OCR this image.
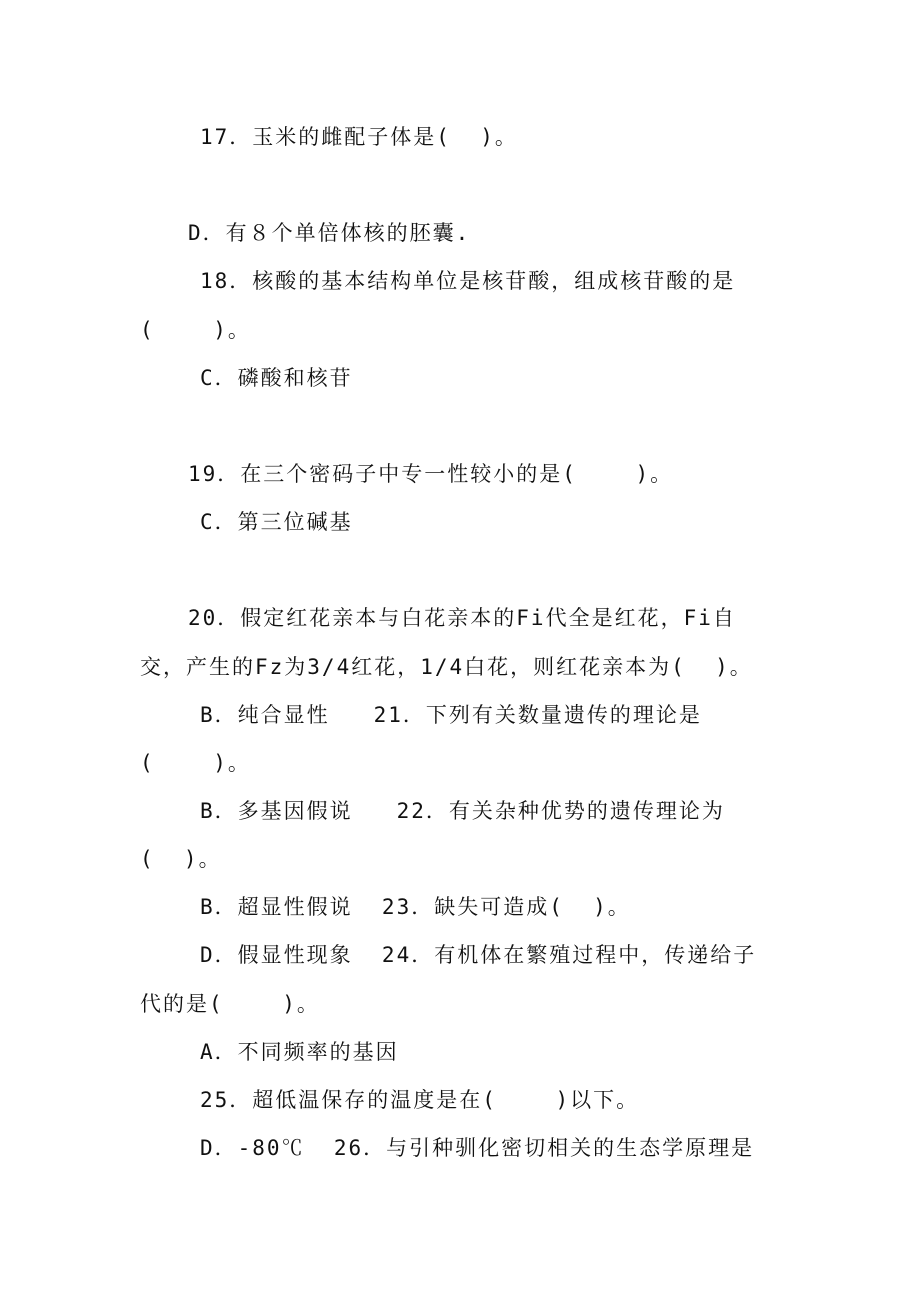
17．玉米的雌配子体是(  )。
D．有８个单倍体核的胚囊.
18．核酸的基本结构单位是核苷酸，组成核苷酸的是
(    )。
C．磷酸和核苷
19．在三个密码子中专一性较小的是(    )。
C．第三位碱基
20．假定红花亲本与白花亲本的Fi代全是红花，Fi自
交，产生的Fz为3/4红花，1/4白花，则红花亲本为(  )。
B．纯合显性   21．下列有关数量遗传的理论是
(    )。
B．多基因假说   22．有关杂种优势的遗传理论为
(  )。
B．超显性假说  23．缺失可造成(  )。
D．假显性现象  24．有机体在繁殖过程中，传递给子
代的是(    )。
A．不同频率的基因
25．超低温保存的温度是在(    )以下。
D．-80℃  26．与引种驯化密切相关的生态学原理是
